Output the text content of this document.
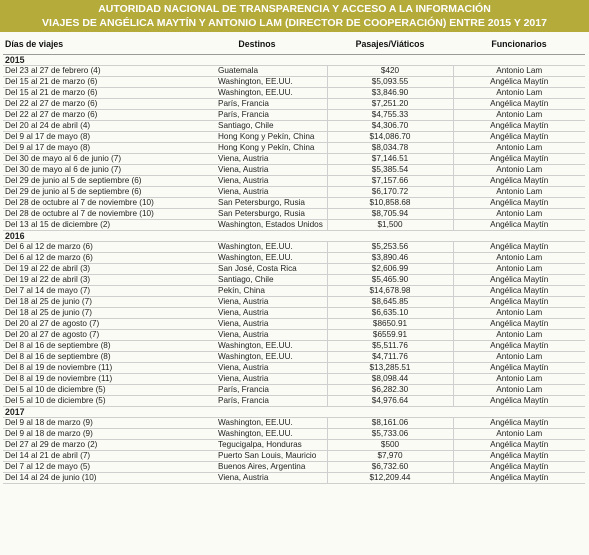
AUTORIDAD NACIONAL DE TRANSPARENCIA Y ACCESO A LA INFORMACIÓN
VIAJES DE ANGÉLICA MAYTÍN Y ANTONIO LAM (DIRECTOR DE COOPERACIÓN) ENTRE 2015 Y 2017
Días de viajes	Destinos	Pasajes/Viáticos	Funcionarios
2015			
Del 23 al 27 de febrero (4)	Guatemala	$420	Antonio Lam
Del 15 al 21 de marzo (6)	Washington, EE.UU.	$5,093.55	Angélica Maytín
Del 15 al 21 de marzo (6)	Washington, EE.UU.	$3,846.90	Antonio Lam
Del 22 al 27 de marzo (6)	París, Francia	$7,251.20	Angélica Maytín
Del 22 al 27 de marzo (6)	París, Francia	$4,755.33	Antonio Lam
Del 20 al 24 de abril (4)	Santiago, Chile	$4,306.70	Angélica Maytín
Del 9 al 17 de mayo (8)	Hong Kong y Pekín, China	$14,086.70	Angélica Maytín
Del 9 al 17 de mayo (8)	Hong Kong y Pekín, China	$8,034.78	Antonio Lam
Del 30 de mayo al 6 de junio (7)	Viena, Austria	$7,146.51	Angélica Maytín
Del 30 de mayo al 6 de junio (7)	Viena, Austria	$5,385.54	Antonio Lam
Del 29 de junio al 5 de septiembre (6)	Viena, Austria	$7,157.66	Angélica Maytín
Del 29 de junio al 5 de septiembre (6)	Viena, Austria	$6,170.72	Antonio Lam
Del 28 de octubre al 7 de noviembre (10)	San Petersburgo, Rusia	$10,858.68	Angélica Maytín
Del 28 de octubre al 7 de noviembre (10)	San Petersburgo, Rusia	$8,705.94	Antonio Lam
Del 13 al 15 de diciembre (2)	Washington, Estados Unidos	$1,500	Angélica Maytín
2016			
Del 6 al 12 de marzo (6)	Washington, EE.UU.	$5,253.56	Angélica Maytín
Del 6 al 12 de marzo (6)	Washington, EE.UU.	$3,890.46	Antonio Lam
Del 19 al 22 de abril (3)	San José, Costa Rica	$2,606.99	Antonio Lam
Del 19 al 22 de abril (3)	Santiago, Chile	$5,465.90	Angélica Maytín
Del 7 al 14 de mayo (7)	Pekín, China	$14,678.98	Angélica Maytín
Del 18 al 25 de junio (7)	Viena, Austria	$8,645.85	Angélica Maytín
Del 18 al 25 de junio (7)	Viena, Austria	$6,635.10	Antonio Lam
Del 20 al 27 de agosto (7)	Viena, Austria	$8650.91	Angélica Maytín
Del 20 al 27 de agosto (7)	Viena, Austria	$6559.91	Antonio Lam
Del 8 al 16 de septiembre (8)	Washington, EE.UU.	$5,511.76	Angélica Maytín
Del 8 al 16 de septiembre (8)	Washington, EE.UU.	$4,711.76	Antonio Lam
Del 8 al 19 de noviembre (11)	Viena, Austria	$13,285.51	Angélica Maytín
Del 8 al 19 de noviembre (11)	Viena, Austria	$8,098.44	Antonio Lam
Del 5 al 10 de diciembre (5)	París, Francia	$6,282.30	Antonio Lam
Del 5 al 10 de diciembre (5)	París, Francia	$4,976.64	Angélica Maytín
2017			
Del 9 al 18 de marzo (9)	Washington, EE.UU.	$8,161.06	Angélica Maytín
Del 9 al 18 de marzo (9)	Washington, EE.UU.	$5,733.06	Antonio Lam
Del 27 al 29 de marzo (2)	Tegucigalpa, Honduras	$500	Angélica Maytín
Del 14 al 21 de abril (7)	Puerto San Louis, Mauricio	$7,970	Angélica Maytín
Del 7 al 12 de mayo (5)	Buenos Aires, Argentina	$6,732.60	Angélica Maytín
Del 14 al 24 de junio (10)	Viena, Austria	$12,209.44	Angélica Maytín
